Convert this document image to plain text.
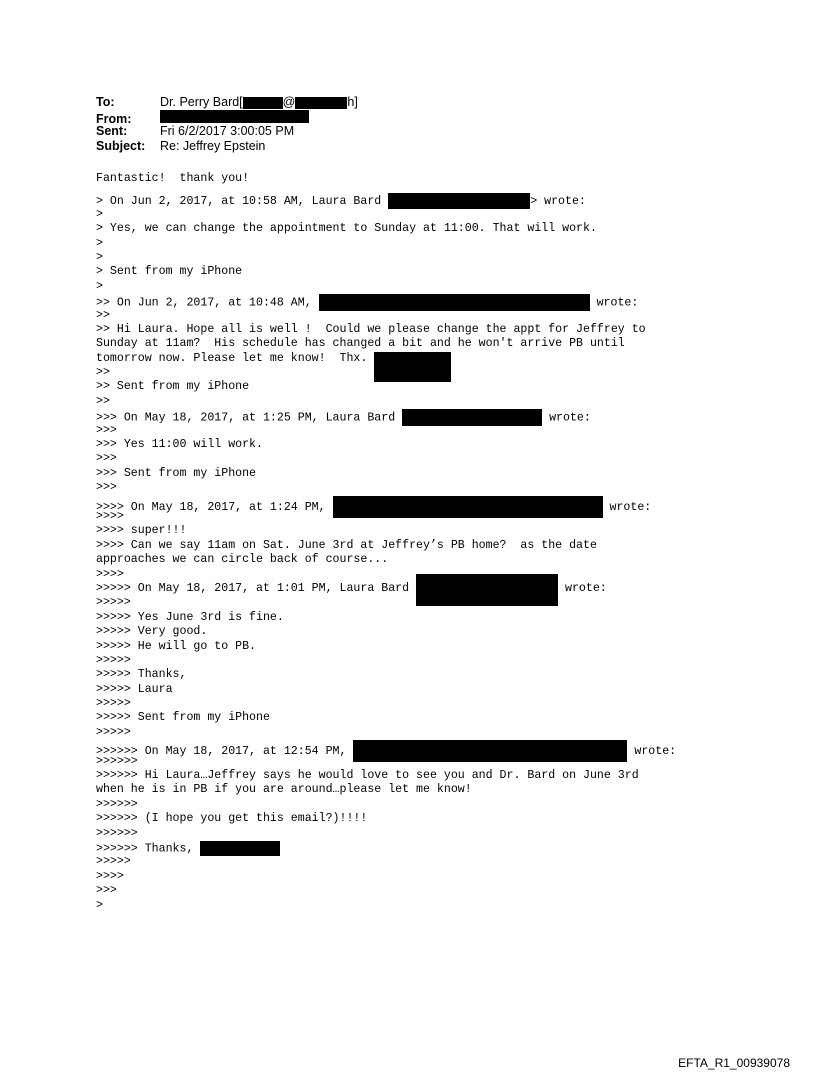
To:	Dr. Perry Bard[	@	h]
From:
Sent:	Fri 6/2/2017 3:00:05 PM
Subject:	Re: Jeffrey Epstein
Fantastic!  thank you!
> On Jun 2, 2017, at 10:58 AM, Laura Bard	> wrote:
>
> Yes, we can change the appointment to Sunday at 11:00. That will work.
>
>
> Sent from my iPhone
>
>> On Jun 2, 2017, at 10:48 AM,	wrote:
>>
>> Hi Laura. Hope all is well !  Could we please change the appt for Jeffrey to
Sunday at 11am?  His schedule has changed a bit and he won't arrive PB until
tomorrow now. Please let me know!  Thx.
>>
>> Sent from my iPhone
>>
>>> On May 18, 2017, at 1:25 PM, Laura Bard	wrote:
>>>
>>> Yes 11:00 will work.
>>>
>>> Sent from my iPhone
>>>
>>>> On May 18, 2017, at 1:24 PM,	wrote:
>>>>
>>>> super!!!
>>>> Can we say 11am on Sat. June 3rd at Jeffrey’s PB home?  as the date
approaches we can circle back of course...
>>>>
>>>>> On May 18, 2017, at 1:01 PM, Laura Bard	wrote:
>>>>>
>>>>> Yes June 3rd is fine.
>>>>> Very good.
>>>>> He will go to PB.
>>>>>
>>>>> Thanks,
>>>>> Laura
>>>>>
>>>>> Sent from my iPhone
>>>>>
>>>>>> On May 18, 2017, at 12:54 PM,	wrote:
>>>>>>
>>>>>> Hi Laura…Jeffrey says he would love to see you and Dr. Bard on June 3rd
when he is in PB if you are around…please let me know!
>>>>>>
>>>>>> (I hope you get this email?)!!!!
>>>>>>
>>>>>> Thanks,
>>>>>
>>>>
>>>
>
EFTA_R1_00939078
